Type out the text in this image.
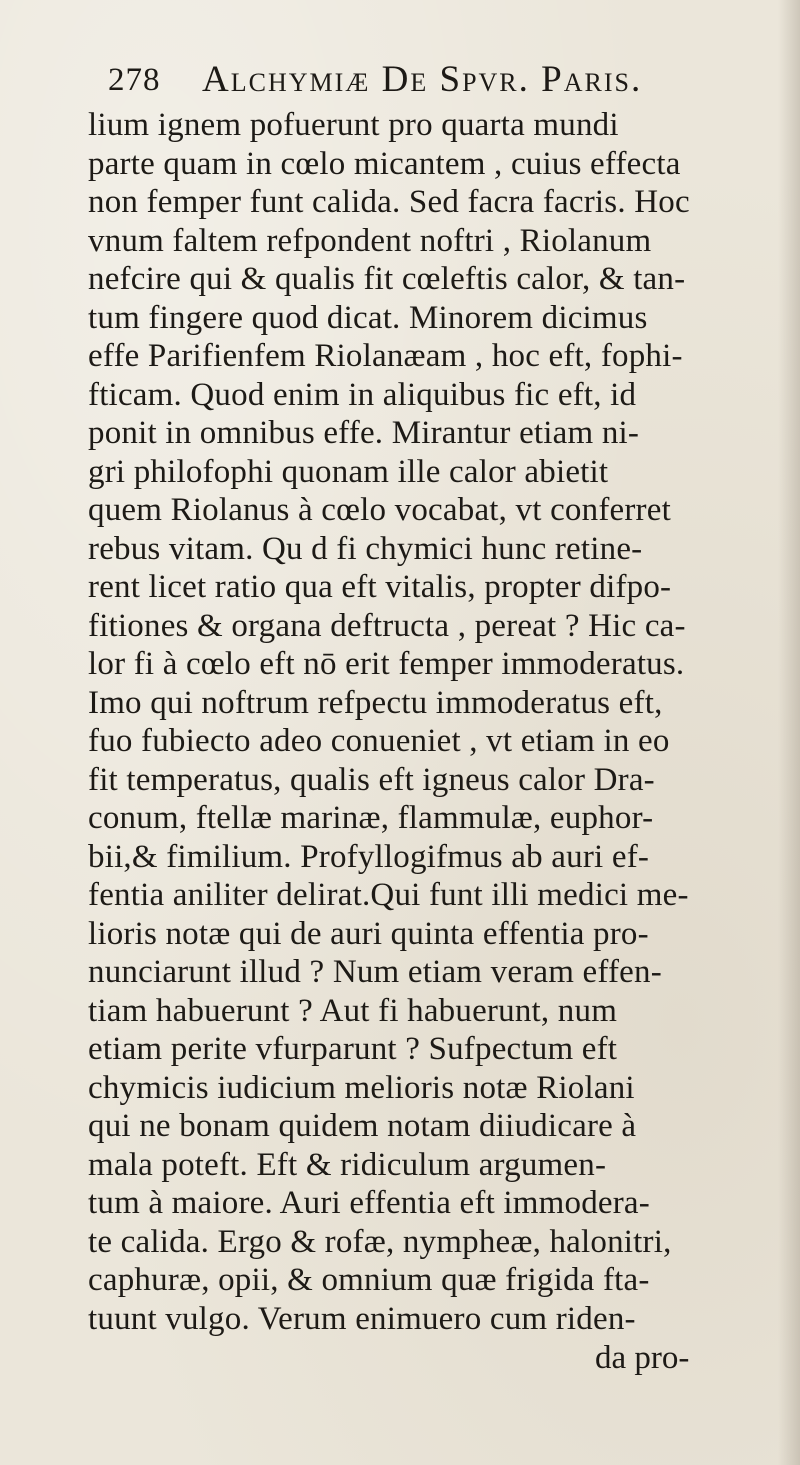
278 Alchymiæ De Spvr. Paris.
lium ignem pofuerunt pro quarta mundi
parte quam in cœlo micantem , cuius effecta
non femper funt calida. Sed facra facris. Hoc
vnum faltem refpondent noftri , Riolanum
nefcire qui & qualis fit cœleftis calor, & tan-
tum fingere quod dicat. Minorem dicimus
effe Parifienfem Riolanæam , hoc eft, fophi-
fticam. Quod enim in aliquibus fic eft, id
ponit in omnibus effe. Mirantur etiam ni-
gri philofophi quonam ille calor abietit
quem Riolanus à cœlo vocabat, vt conferret
rebus vitam. Qu d fi chymici hunc retine-
rent licet ratio qua eft vitalis, propter difpo-
fitiones & organa deftructa , pereat ? Hic ca-
lor fi à cœlo eft nō erit femper immoderatus.
Imo qui noftrum refpectu immoderatus eft,
fuo fubiecto adeo conueniet , vt etiam in eo
fit temperatus, qualis eft igneus calor Dra-
conum, ftellæ marinæ, flammulæ, euphor-
bii,& fimilium. Profyllogifmus ab auri ef-
fentia aniliter delirat.Qui funt illi medici me-
lioris notæ qui de auri quinta effentia pro-
nunciarunt illud ? Num etiam veram effen-
tiam habuerunt ? Aut fi habuerunt, num
etiam perite vfurparunt ? Sufpectum eft
chymicis iudicium melioris notæ Riolani
qui ne bonam quidem notam diiudicare à
mala poteft. Eft & ridiculum argumen-
tum à maiore. Auri effentia eft immodera-
te calida. Ergo & rofæ, nympheæ, halonitri,
caphuræ, opii, & omnium quæ frigida fta-
tuunt vulgo. Verum enimuero cum riden-
da pro-
